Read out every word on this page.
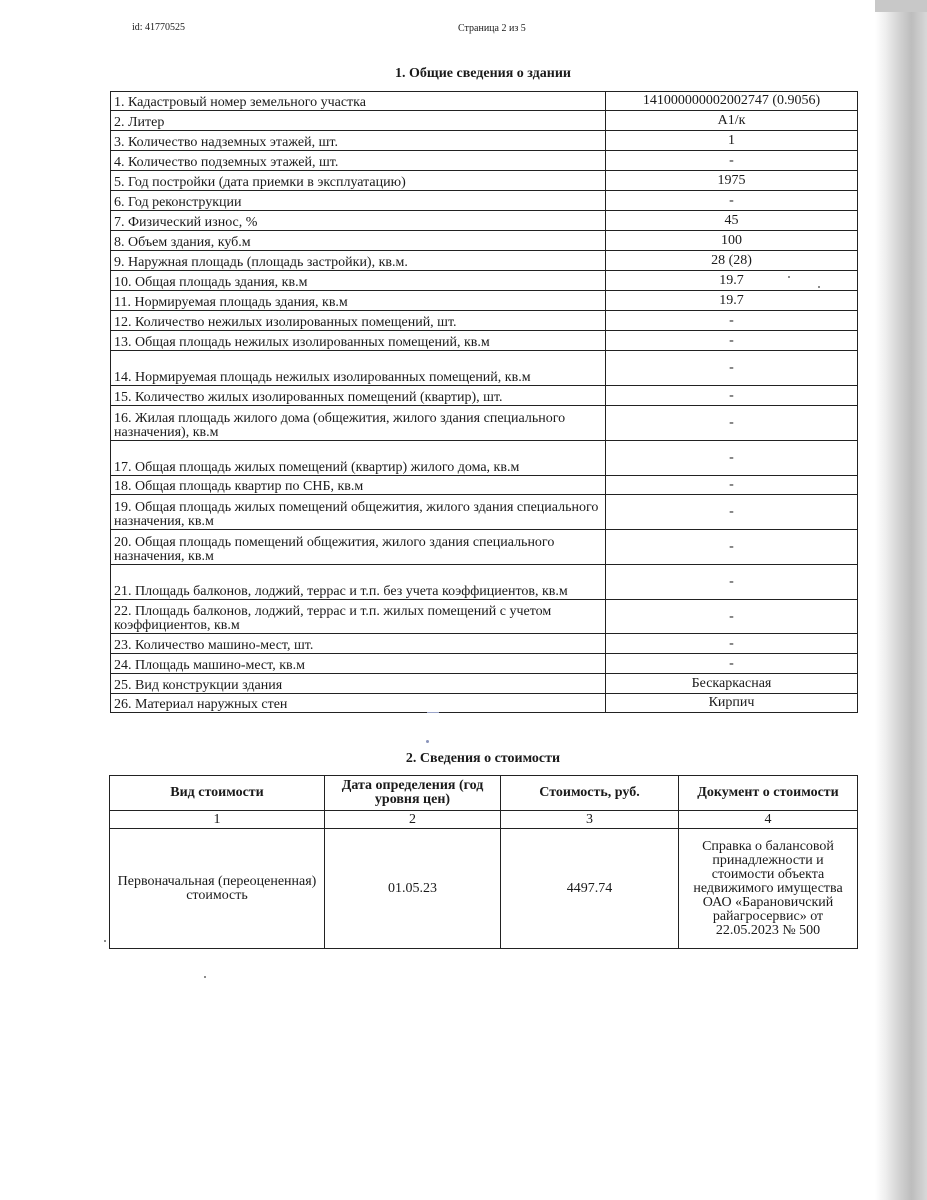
id: 41770525	Страница 2 из 5
1. Общие сведения о здании
1. Кадастровый номер земельного участка	141000000002002747 (0.9056)
2. Литер	A1/к
3. Количество надземных этажей, шт.	1
4. Количество подземных этажей, шт.	-
5. Год постройки (дата приемки в эксплуатацию)	1975
6. Год реконструкции	-
7. Физический износ, %	45
8. Объем здания, куб.м	100
9. Наружная площадь (площадь застройки), кв.м.	28 (28)
10. Общая площадь здания, кв.м	19.7
11. Нормируемая площадь здания, кв.м	19.7
12. Количество нежилых изолированных помещений, шт.	-
13. Общая площадь нежилых изолированных помещений, кв.м	-
14. Нормируемая площадь нежилых изолированных помещений, кв.м	-
15. Количество жилых изолированных помещений (квартир), шт.	-
16. Жилая площадь жилого дома (общежития, жилого здания специального назначения), кв.м	-
17. Общая площадь жилых помещений (квартир) жилого дома, кв.м	-
18. Общая площадь квартир по СНБ, кв.м	-
19. Общая площадь жилых помещений общежития, жилого здания специального назначения, кв.м	-
20. Общая площадь помещений общежития, жилого здания специального назначения, кв.м	-
21. Площадь балконов, лоджий, террас и т.п. без учета коэффициентов, кв.м	-
22. Площадь балконов, лоджий, террас и т.п. жилых помещений с учетом коэффициентов, кв.м	-
23. Количество машино-мест, шт.	-
24. Площадь машино-мест, кв.м	-
25. Вид конструкции здания	Бескаркасная
26. Материал наружных стен	Кирпич
2. Сведения о стоимости
Вид стоимости	Дата определения (год уровня цен)	Стоимость, руб.	Документ о стоимости
1	2	3	4
Первоначальная (переоцененная) стоимость	01.05.23	4497.74	Справка о балансовой принадлежности и стоимости объекта недвижимого имущества ОАО «Барановичский райагросервис» от 22.05.2023 № 500
